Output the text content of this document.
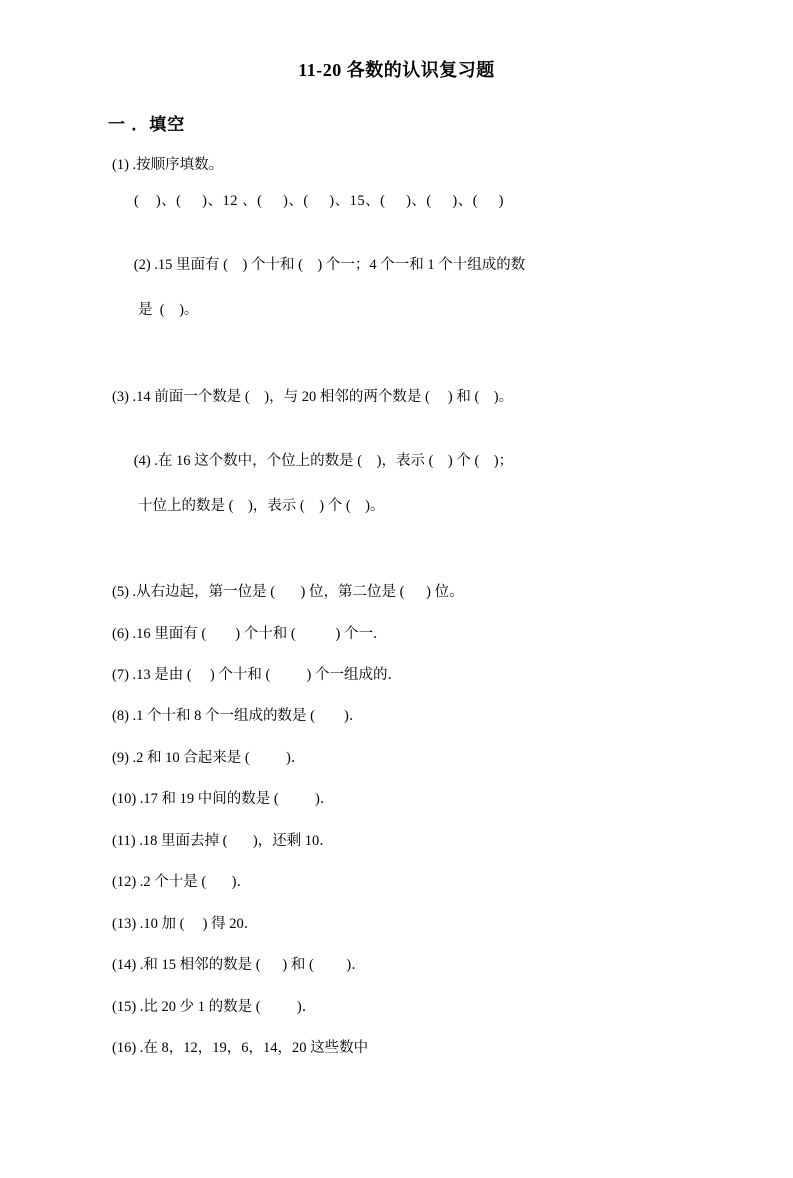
11-20 各数的认识复习题
一 ．填空
(1) .按顺序填数。
(    )、(     )、12 、(     )、(     )、15、(     )、(     )、(     )

(2) .15 里面有 (    ) 个十和 (    ) 个一；4 个一和 1 个十组成的数

是  (    )。

(3) .14 前面一个数是 (    )，与 20 相邻的两个数是 (     ) 和 (    )。

(4) .在 16 这个数中，个位上的数是 (    )，表示 (    ) 个 (    )；

十位上的数是 (    )，表示 (    ) 个 (    )。

(5) .从右边起，第一位是 (       ) 位，第二位是 (      ) 位。
(6) .16 里面有 (        ) 个十和 (           ) 个一．
(7) .13 是由 (     ) 个十和 (          ) 个一组成的．
(8) .1 个十和 8 个一组成的数是 (        )．
(9) .2 和 10 合起来是 (          )．
(10) .17 和 19 中间的数是 (          )．
(11) .18 里面去掉 (       )，还剩 10．
(12) .2 个十是 (       )．
(13) .10 加 (     ) 得 20．
(14) .和 15 相邻的数是 (      ) 和 (         )．
(15) .比 20 少 1 的数是 (          )．
(16) .在 8，12，19，6，14，20 这些数中
